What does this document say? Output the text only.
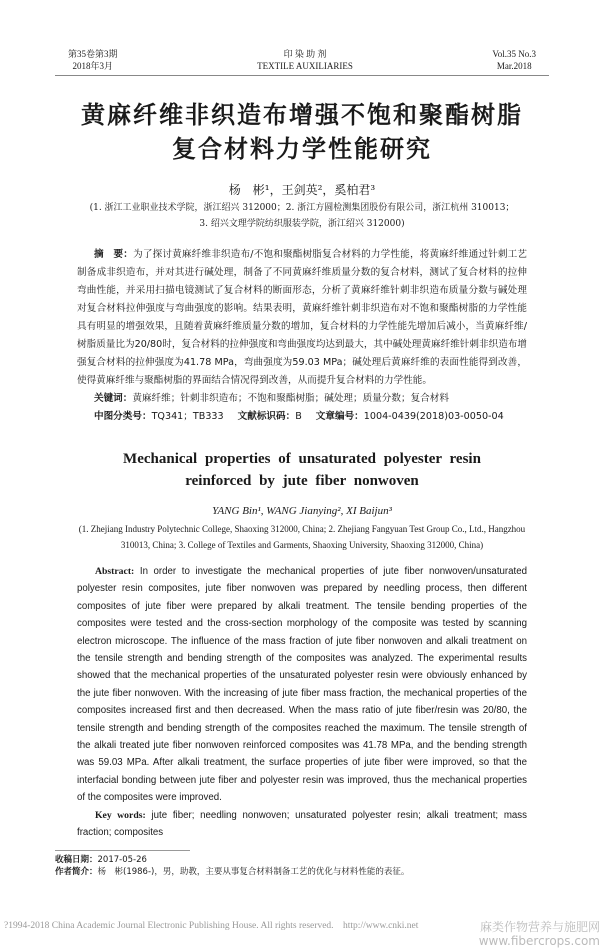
第35卷第3期
2018年3月
印 染 助 剂
TEXTILE AUXILIARIES
Vol.35 No.3
Mar.2018
黄麻纤维非织造布增强不饱和聚酯树脂
复合材料力学性能研究
杨　彬¹，王剑英²，奚柏君³
(1. 浙江工业职业技术学院，浙江绍兴 312000；2. 浙江方圆检测集团股份有限公司，浙江杭州 310013；
3. 绍兴文理学院纺织服装学院，浙江绍兴 312000)
摘　要：为了探讨黄麻纤维非织造布/不饱和聚酯树脂复合材料的力学性能，将黄麻纤维通过针刺工艺制备成非织造布，并对其进行碱处理，制备了不同黄麻纤维质量分数的复合材料，测试了复合材料的拉伸弯曲性能，并采用扫描电镜测试了复合材料的断面形态，分析了黄麻纤维针刺非织造布质量分数与碱处理对复合材料拉伸强度与弯曲强度的影响。结果表明，黄麻纤维针刺非织造布对不饱和聚酯树脂的力学性能具有明显的增强效果，且随着黄麻纤维质量分数的增加，复合材料的力学性能先增加后减小，当黄麻纤维/树脂质量比为20/80时，复合材料的拉伸强度和弯曲强度均达到最大，其中碱处理黄麻纤维针刺非织造布增强复合材料的拉伸强度为41.78 MPa，弯曲强度为59.03 MPa；碱处理后黄麻纤维的表面性能得到改善，使得黄麻纤维与聚酯树脂的界面结合情况得到改善，从而提升复合材料的力学性能。
关键词：黄麻纤维；针刺非织造布；不饱和聚酯树脂；碱处理；质量分数；复合材料
中图分类号：TQ341；TB333 文献标识码：B 文章编号：1004-0439(2018)03-0050-04
Mechanical properties of unsaturated polyester resin
reinforced by jute fiber nonwoven
YANG Bin¹, WANG Jianying², XI Baijun³
(1. Zhejiang Industry Polytechnic College, Shaoxing 312000, China; 2. Zhejiang Fangyuan Test Group Co., Ltd., Hangzhou
310013, China; 3. College of Textiles and Garments, Shaoxing University, Shaoxing 312000, China)
Abstract: In order to investigate the mechanical properties of jute fiber nonwoven/unsaturated polyester resin composites, jute fiber nonwoven was prepared by needling process, then different composites of jute fiber were prepared by alkali treatment. The tensile bending properties of the composites were tested and the cross-section morphology of the composite was tested by scanning electron microscope. The influence of the mass fraction of jute fiber nonwoven and alkali treatment on the tensile strength and bending strength of the composites was analyzed. The experimental results showed that the mechanical properties of the unsaturated polyester resin were obviously enhanced by the jute fiber nonwoven. With the increasing of jute fiber mass fraction, the mechanical properties of the composites increased first and then decreased. When the mass ratio of jute fiber/resin was 20/80, the tensile strength and bending strength of the composites reached the maximum. The tensile strength of the alkali treated jute fiber nonwoven reinforced composites was 41.78 MPa, and the bending strength was 59.03 MPa. After alkali treatment, the surface properties of jute fiber were improved, so that the interfacial bonding between jute fiber and polyester resin was improved, thus the mechanical properties of the composites were improved.
Key words: jute fiber; needling nonwoven; unsaturated polyester resin; alkali treatment; mass fraction; composites
收稿日期：2017-05-26
作者简介：杨　彬(1986-)，男，助教，主要从事复合材料制备工艺的优化与材料性能的表征。
?1994-2018 China Academic Journal Electronic Publishing House. All rights reserved.　http://www.cnki.net	麻类作物营养与施肥网
www.fibercrops.com
